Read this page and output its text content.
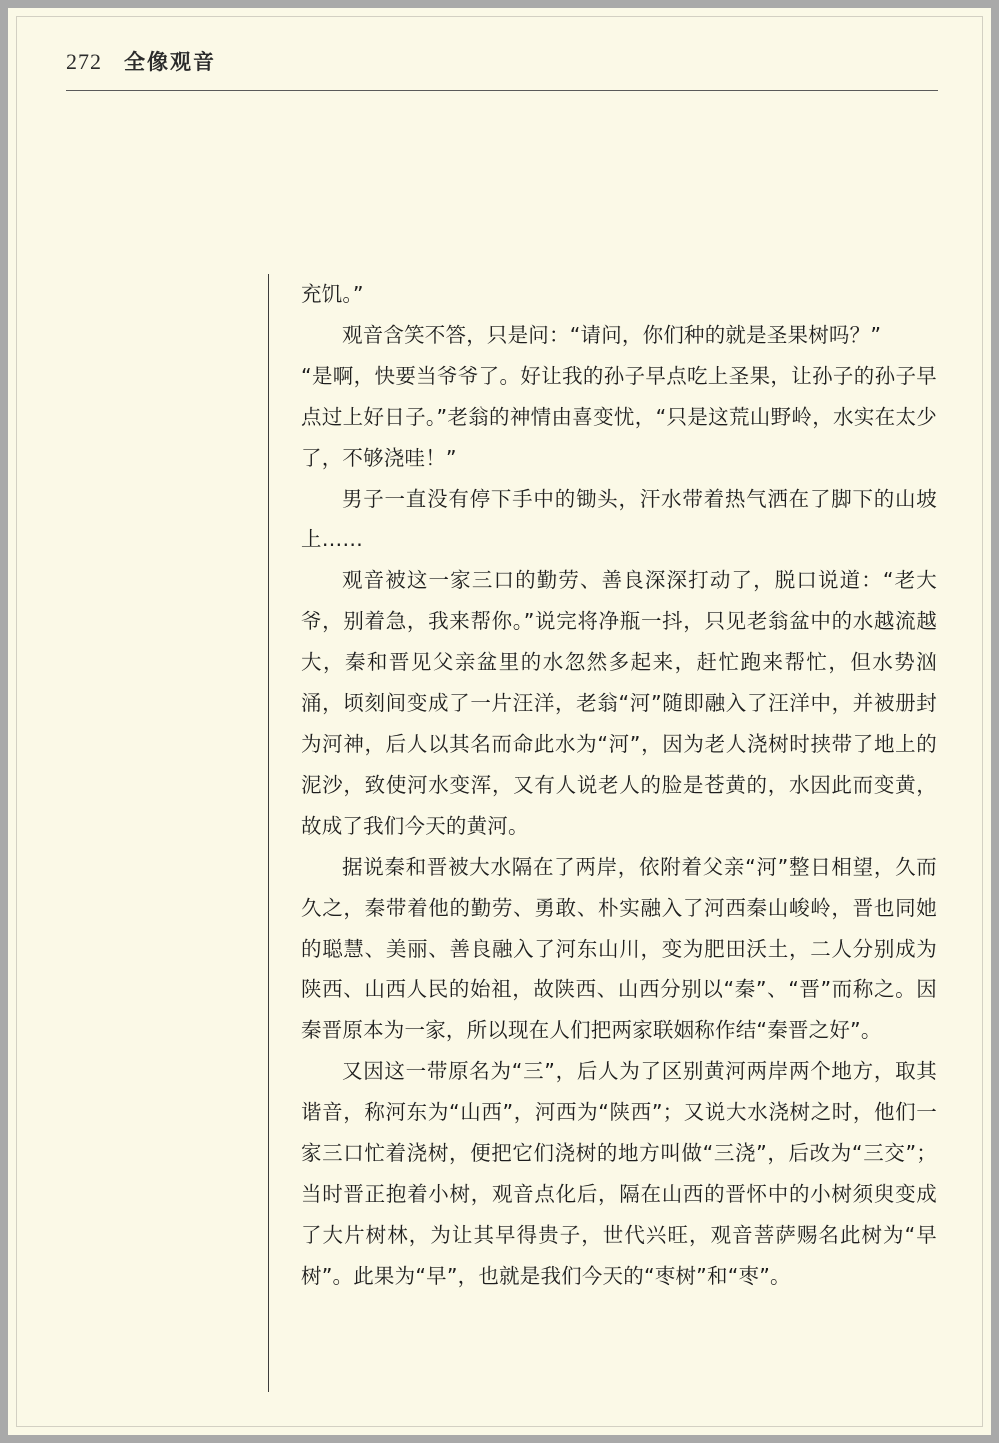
272 全像观音

充饥。”

观音含笑不答，只是问：“请问，你们种的就是圣果树吗？”

“是啊，快要当爷爷了。好让我的孙子早点吃上圣果，让孙子的孙子早点过上好日子。”老翁的神情由喜变忧，“只是这荒山野岭，水实在太少了，不够浇哇！”

男子一直没有停下手中的锄头，汗水带着热气洒在了脚下的山坡上……

观音被这一家三口的勤劳、善良深深打动了，脱口说道：“老大爷，别着急，我来帮你。”说完将净瓶一抖，只见老翁盆中的水越流越大，秦和晋见父亲盆里的水忽然多起来，赶忙跑来帮忙，但水势汹涌，顷刻间变成了一片汪洋，老翁“河”随即融入了汪洋中，并被册封为河神，后人以其名而命此水为“河”，因为老人浇树时挟带了地上的泥沙，致使河水变浑，又有人说老人的脸是苍黄的，水因此而变黄，故成了我们今天的黄河。

据说秦和晋被大水隔在了两岸，依附着父亲“河”整日相望，久而久之，秦带着他的勤劳、勇敢、朴实融入了河西秦山峻岭，晋也同她的聪慧、美丽、善良融入了河东山川，变为肥田沃土，二人分别成为陕西、山西人民的始祖，故陕西、山西分别以“秦”、“晋”而称之。因秦晋原本为一家，所以现在人们把两家联姻称作结“秦晋之好”。

又因这一带原名为“三”，后人为了区别黄河两岸两个地方，取其谐音，称河东为“山西”，河西为“陕西”；又说大水浇树之时，他们一家三口忙着浇树，便把它们浇树的地方叫做“三浇”，后改为“三交”；当时晋正抱着小树，观音点化后，隔在山西的晋怀中的小树须臾变成了大片树林，为让其早得贵子，世代兴旺，观音菩萨赐名此树为“早树”。此果为“早”，也就是我们今天的“枣树”和“枣”。
